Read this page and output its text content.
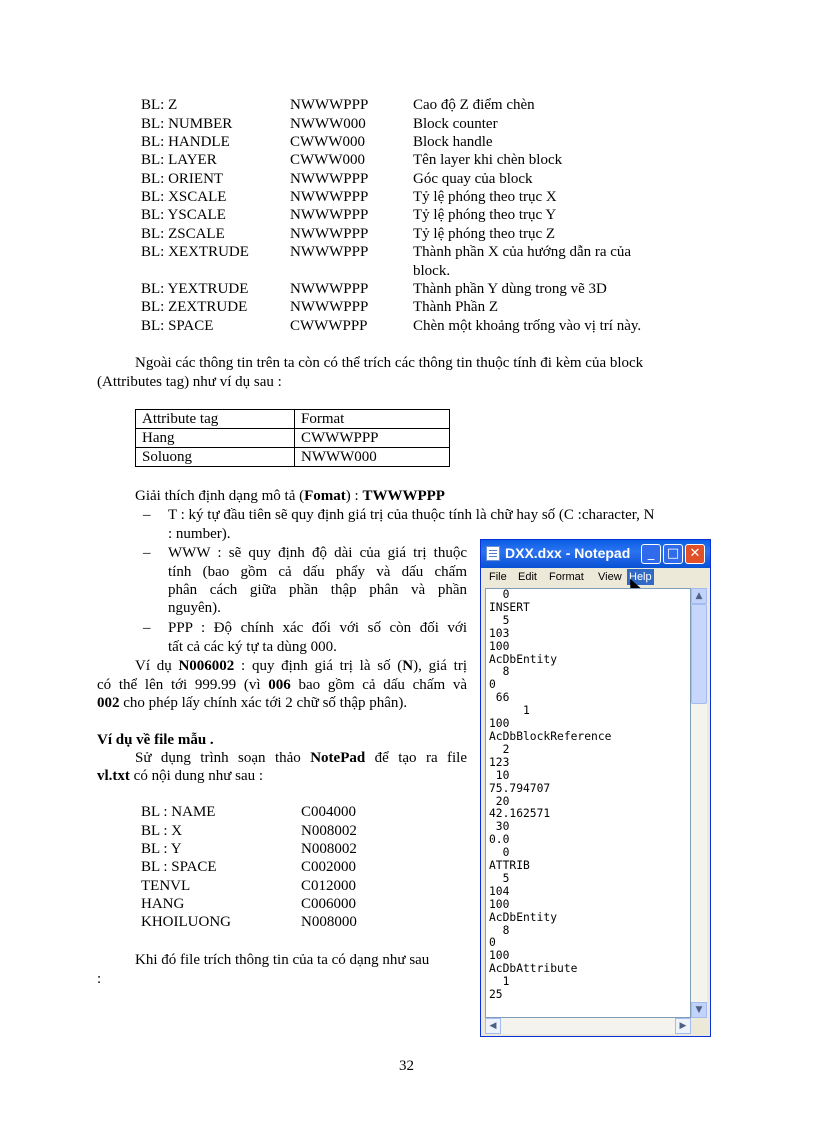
BL: Z	NWWWPPP	Cao độ Z điểm chèn
BL: NUMBER	NWWW000	Block counter
BL: HANDLE	CWWW000	Block handle
BL: LAYER	CWWW000	Tên layer khi chèn block
BL: ORIENT	NWWWPPP	Góc quay của block
BL: XSCALE	NWWWPPP	Tỷ lệ phóng theo trục X
BL: YSCALE	NWWWPPP	Tỷ lệ phóng theo trục Y
BL: ZSCALE	NWWWPPP	Tỷ lệ phóng theo trục Z
BL: XEXTRUDE	NWWWPPP	Thành phần X của hướng dẫn ra của
block.
BL: YEXTRUDE	NWWWPPP	Thành phần Y dùng trong vẽ 3D
BL: ZEXTRUDE	NWWWPPP	Thành Phần Z
BL: SPACE	CWWWPPP	Chèn một khoảng trống vào vị trí này.
Ngoài các thông tin trên ta còn có thể trích các thông tin thuộc tính đi kèm của block
(Attributes tag) như ví dụ sau :
Attribute tag	Format
Hang	CWWWPPP
Soluong	NWWW000
Giải thích định dạng mô tả (Fomat) : TWWWPPP
– T : ký tự đầu tiên sẽ quy định giá trị của thuộc tính là chữ hay số (C :character, N
: number).
– WWW : sẽ quy định độ dài của giá trị thuộc
tính (bao gồm cả dấu phẩy và dấu chấm
phân cách giữa phần thập phân và phần
nguyên).
– PPP : Độ chính xác đối với số còn đối với
tất cả các ký tự ta dùng 000.
Ví dụ N006002 : quy định giá trị là số (N), giá trị
có thể lên tới 999.99 (vì 006 bao gồm cả dấu chấm và
002 cho phép lấy chính xác tới 2 chữ số thập phân).
Ví dụ về file mẫu .
Sử dụng trình soạn thảo NotePad để tạo ra file
vl.txt có nội dung như sau :
BL : NAME	C004000
BL : X	N008002
BL : Y	N008002
BL : SPACE	C002000
TENVL	C012000
HANG	C006000
KHOILUONG	N008000
Khi đó file trích thông tin của ta có dạng như sau
:
DXX.dxx - Notepad	_ □ ✕
File Edit Format View Help
0
INSERT
5
103
100
AcDbEntity
8
0
66
1
100
AcDbBlockReference
2
123
10
75.794707
20
42.162571
30
0.0
0
ATTRIB
5
104
100
AcDbEntity
8
0
100
AcDbAttribute
1
25
▲
▼
◀	▶
32
